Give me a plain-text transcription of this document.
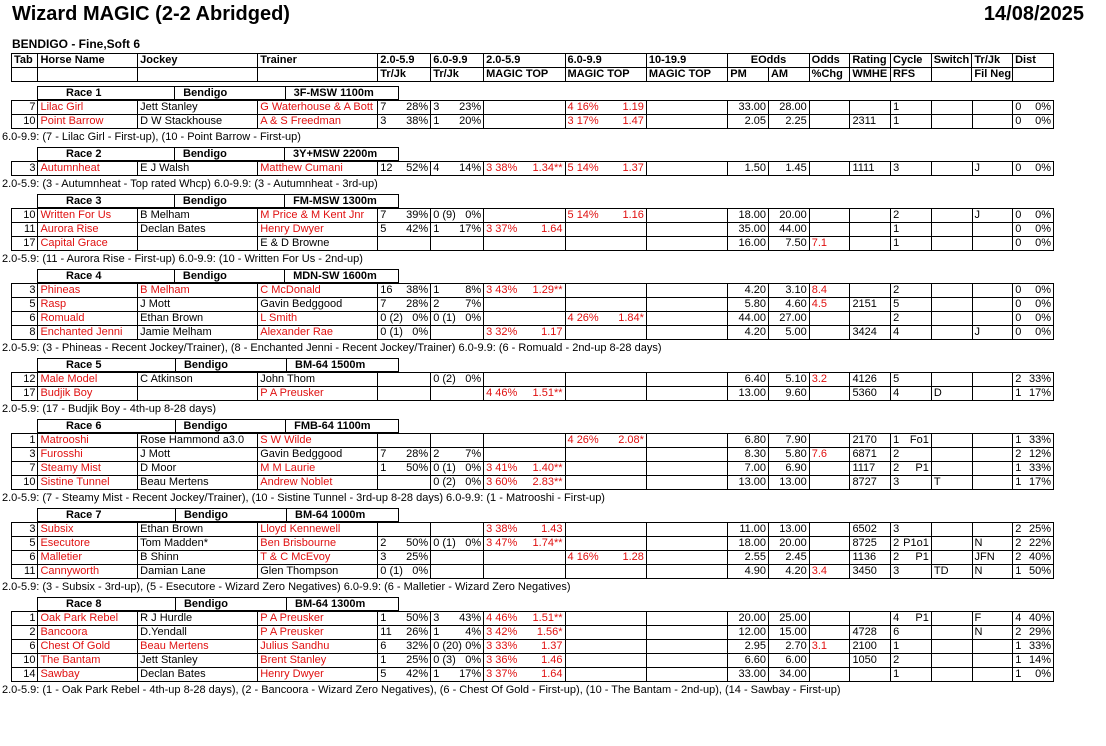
Wizard MAGIC (2-2 Abridged)	14/08/2025
BENDIGO - Fine,Soft 6
Tab	Horse Name	Jockey	Trainer	2.0-5.9	6.0-9.9	2.0-5.9	6.0-9.9	10-19.9	EOdds		Odds	Rating	Cycle	Switch	Tr/Jk	Dist
				Tr/Jk	Tr/Jk	MAGIC TOP	MAGIC TOP	MAGIC TOP	PM	AM	%Chg	WMHE	RFS		Fil Neg	
Race 1	Bendigo	3F-MSW 1100m
7	Lilac Girl	Jett Stanley	G Waterhouse & A Bott	7 28%	3 23%		4 16% 1.19		33.00	28.00			1			0 0%

10	Point Barrow	D W Stackhouse	A & S Freedman	3 38%	1 20%		3 17% 1.47		2.05	2.25		2311	1			0 0%
6.0-9.9: (7 - Lilac Girl - First-up), (10 - Point Barrow - First-up)
Race 2	Bendigo	3Y+MSW 2200m
3	Autumnheat	E J Walsh	Matthew Cumani	12 52%	4 14%	3 38% 1.34**	5 14% 1.37		1.50	1.45		1111	3		J	0 0%
2.0-5.9: (3 - Autumnheat - Top rated Whcp) 6.0-9.9: (3 - Autumnheat - 3rd-up)
Race 3	Bendigo	FM-MSW 1300m
10	Written For Us	B Melham	M Price & M Kent Jnr	7 39%	0 (9) 0%		5 14% 1.16		18.00	20.00			2		J	0 0%

11	Aurora Rise	Declan Bates	Henry Dwyer	5 42%	1 17%	3 37% 1.64			35.00	44.00			1			0 0%

17	Capital Grace		E & D Browne						16.00	7.50	7.1		1			0 0%
2.0-5.9: (11 - Aurora Rise - First-up) 6.0-9.9: (10 - Written For Us - 2nd-up)
Race 4	Bendigo	MDN-SW 1600m
3	Phineas	B Melham	C McDonald	16 38%	1 8%	3 43% 1.29**			4.20	3.10	8.4		2			0 0%

5	Rasp	J Mott	Gavin Bedggood	7 28%	2 7%				5.80	4.60	4.5	2151	5			0 0%

6	Romuald	Ethan Brown	L Smith	0 (2) 0%	0 (1) 0%		4 26% 1.84*		44.00	27.00			2			0 0%

8	Enchanted Jenni	Jamie Melham	Alexander Rae	0 (1) 0%		3 32% 1.17			4.20	5.00		3424	4		J	0 0%
2.0-5.9: (3 - Phineas - Recent Jockey/Trainer), (8 - Enchanted Jenni - Recent Jockey/Trainer) 6.0-9.9: (6 - Romuald - 2nd-up 8-28 days)
Race 5	Bendigo	BM-64 1500m
12	Male Model	C Atkinson	John Thom		0 (2) 0%				6.40	5.10	3.2	4126	5			2 33%

17	Budjik Boy		P A Preusker			4 46% 1.51**			13.00	9.60		5360	4	D		1 17%
2.0-5.9: (17 - Budjik Boy - 4th-up 8-28 days)
Race 6	Bendigo	FMB-64 1100m
1	Matrooshi	Rose Hammond a3.0	S W Wilde				4 26% 2.08*		6.80	7.90		2170	1 Fo1			1 33%

3	Furosshi	J Mott	Gavin Bedggood	7 28%	2 7%				8.30	5.80	7.6	6871	2			2 12%

7	Steamy Mist	D Moor	M M Laurie	1 50%	0 (1) 0%	3 41% 1.40**			7.00	6.90		1117	2 P1			1 33%

10	Sistine Tunnel	Beau Mertens	Andrew Noblet		0 (2) 0%	3 60% 2.83**			13.00	13.00		8727	3	T		1 17%
2.0-5.9: (7 - Steamy Mist - Recent Jockey/Trainer), (10 - Sistine Tunnel - 3rd-up 8-28 days) 6.0-9.9: (1 - Matrooshi - First-up)
Race 7	Bendigo	BM-64 1000m
3	Subsix	Ethan Brown	Lloyd Kennewell			3 38% 1.43			11.00	13.00		6502	3			2 25%

5	Esecutore	Tom Madden*	Ben Brisbourne	2 50%	0 (1) 0%	3 47% 1.74**			18.00	20.00		8725	2 P1o1		N	2 22%

6	Malletier	B Shinn	T & C McEvoy	3 25%			4 16% 1.28		2.55	2.45		1136	2 P1		JFN	2 40%

11	Cannyworth	Damian Lane	Glen Thompson	0 (1) 0%					4.90	4.20	3.4	3450	3	TD	N	1 50%
2.0-5.9: (3 - Subsix - 3rd-up), (5 - Esecutore - Wizard Zero Negatives) 6.0-9.9: (6 - Malletier - Wizard Zero Negatives)
Race 8	Bendigo	BM-64 1300m
1	Oak Park Rebel	R J Hurdle	P A Preusker	1 50%	3 43%	4 46% 1.51**			20.00	25.00			4 P1		F	4 40%

2	Bancoora	D.Yendall	P A Preusker	11 26%	1 4%	3 42% 1.56*			12.00	15.00		4728	6		N	2 29%

6	Chest Of Gold	Beau Mertens	Julius Sandhu	6 32%	0 (20) 0%	3 33% 1.37			2.95	2.70	3.1	2100	1			1 33%

10	The Bantam	Jett Stanley	Brent Stanley	1 25%	0 (3) 0%	3 36% 1.46			6.60	6.00		1050	2			1 14%

14	Sawbay	Declan Bates	Henry Dwyer	5 42%	1 17%	3 37% 1.64			33.00	34.00			1			1 0%
2.0-5.9: (1 - Oak Park Rebel - 4th-up 8-28 days), (2 - Bancoora - Wizard Zero Negatives), (6 - Chest Of Gold - First-up), (10 - The Bantam - 2nd-up), (14 - Sawbay - First-up)
